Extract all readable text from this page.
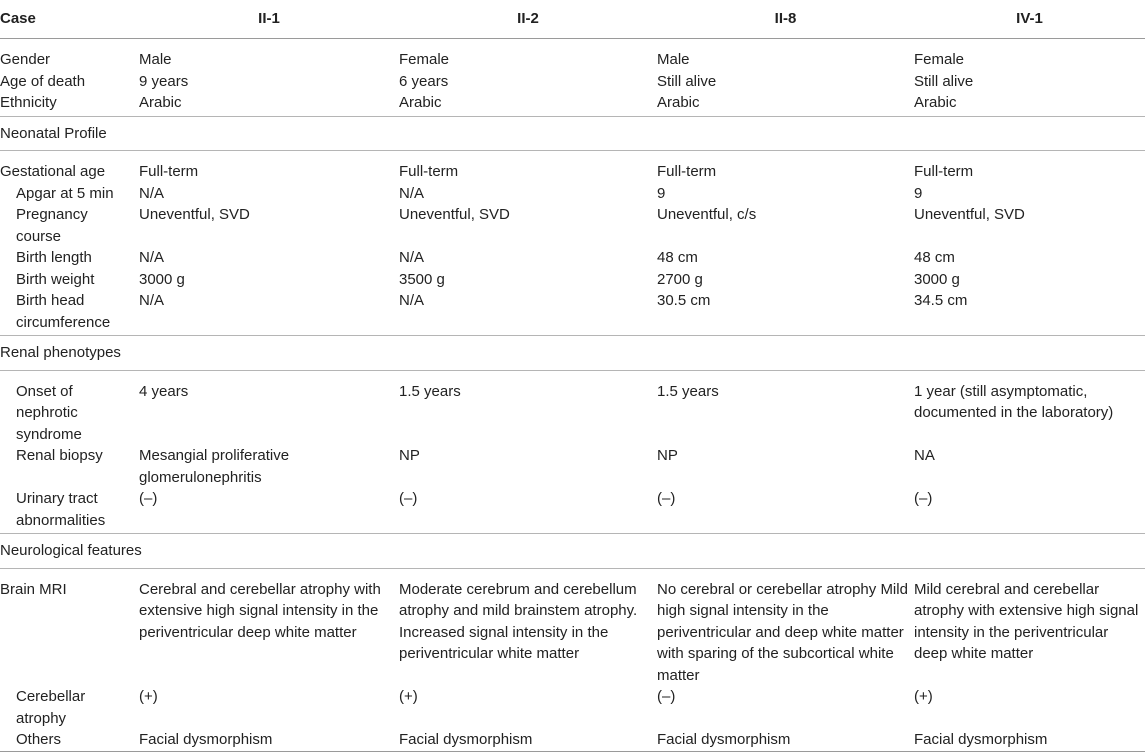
Case	II-1	II-2	II-8	IV-1
Gender	Male	Female	Male	Female
Age of death	9 years	6 years	Still alive	Still alive
Ethnicity	Arabic	Arabic	Arabic	Arabic
Neonatal Profile				
Gestational age	Full-term	Full-term	Full-term	Full-term
Apgar at 5 min	N/A	N/A	9	9
Pregnancy course	Uneventful, SVD	Uneventful, SVD	Uneventful, c/s	Uneventful, SVD
Birth length	N/A	N/A	48 cm	48 cm
Birth weight	3000 g	3500 g	2700 g	3000 g
Birth head circumference	N/A	N/A	30.5 cm	34.5 cm
Renal phenotypes				
Onset of nephrotic syndrome	4 years	1.5 years	1.5 years	1 year (still asymptomatic, documented in the laboratory)
Renal biopsy	Mesangial proliferative glomerulonephritis	NP	NP	NA
Urinary tract abnormalities	(–)	(–)	(–)	(–)
Neurological features				
Brain MRI	Cerebral and cerebellar atrophy with extensive high signal intensity in the periventricular deep white matter	Moderate cerebrum and cerebellum atrophy and mild brainstem atrophy. Increased signal intensity in the periventricular white matter	No cerebral or cerebellar atrophy Mild high signal intensity in the periventricular and deep white matter with sparing of the subcortical white matter	Mild cerebral and cerebellar atrophy with extensive high signal intensity in the periventricular deep white matter
Cerebellar atrophy	(+)	(+)	(–)	(+)
Others	Facial dysmorphism	Facial dysmorphism	Facial dysmorphism	Facial dysmorphism
